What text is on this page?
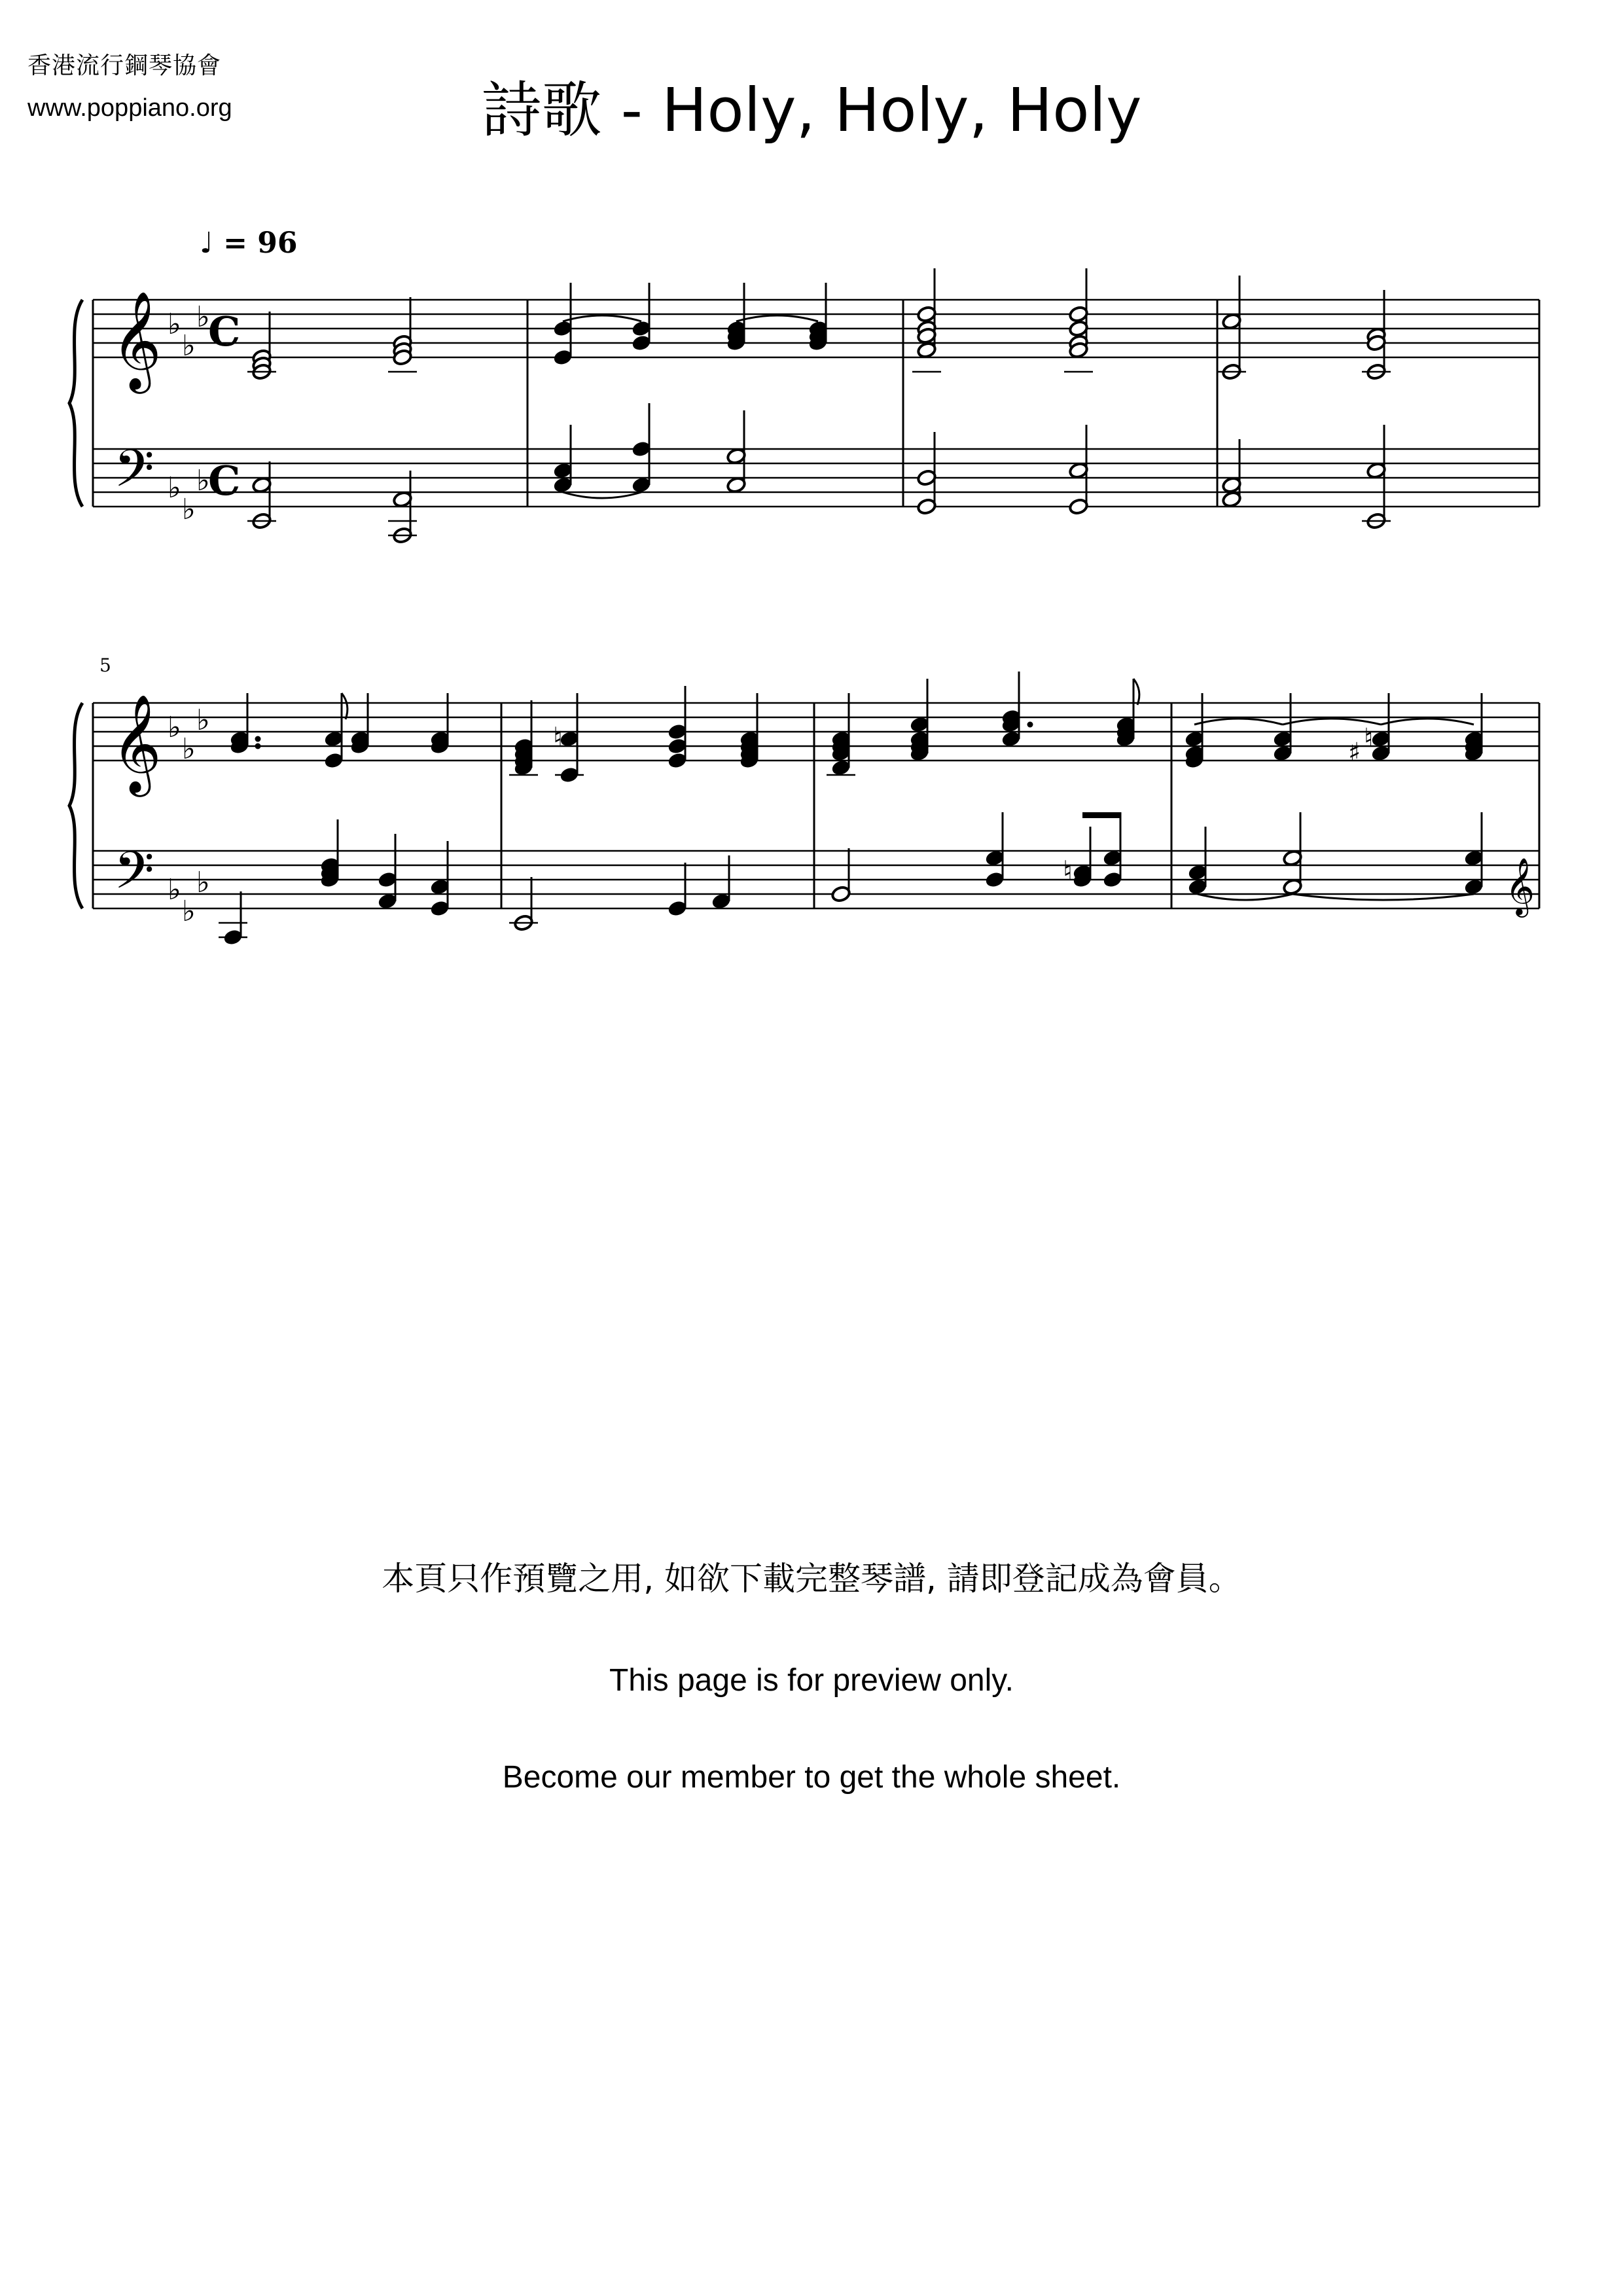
香港流行鋼琴協會
www.poppiano.org	詩歌 - Holy, Holy, Holy
♩ = 96
𝄞
𝄢
♭
♭
♭
♭
♭
♭
C
C
𝄞
𝄢
♭
♭
♭
♭
♭
♭
♮
♮
♯ ♮
𝄞
5
本頁只作預覽之用, 如欲下載完整琴譜, 請即登記成為會員。
This page is for preview only.
Become our member to get the whole sheet.
